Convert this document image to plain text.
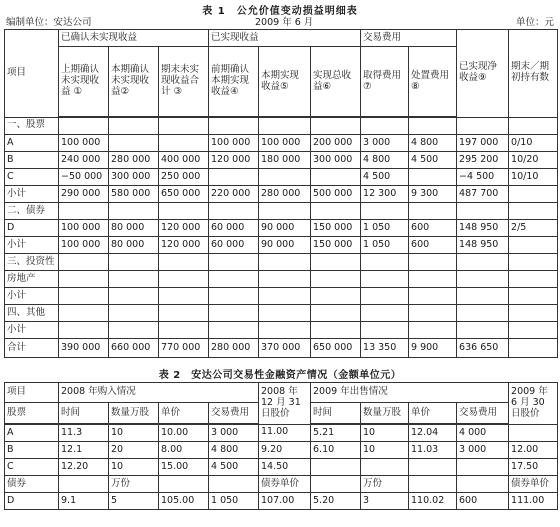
表 1　公允价值变动损益明细表
编制单位：安达公司	2009 年 6 月	单位：元
项目	已确认未实现收益			已实现收益			交易费用		已实现净收益⑨	期末／期初持有数
	上期确认未实现收益 ①	本期确认未实现收益②	期末未实现收益合计 ③	前期确认本期实现收益④	本期实现收益⑤	实现总收益⑥	取得费用⑦	处置费用⑧		
一、股票										
A	100 000			100 000	100 000	200 000	3 000	4 800	197 000	0/10
B	240 000	280 000	400 000	120 000	180 000	300 000	4 800	4 500	295 200	10/20
C	−50 000	300 000	250 000				4 500		−4 500	10/10
小计	290 000	580 000	650 000	220 000	280 000	500 000	12 300	9 300	487 700	
二、债券										
D	100 000	80 000	120 000	60 000	90 000	150 000	1 050	600	148 950	2/5
小计	100 000	80 000	120 000	60 000	90 000	150 000	1 050	600	148 950	
三、投资性										
房地产										
小计										
四、其他										
小计										
合计	390 000	660 000	770 000	280 000	370 000	650 000	13 350	9 900	636 650	
表 2　安达公司交易性金融资产情况（金额单位元）
项目	2008 年购入情况				2008 年 12 月 31 日股价	2009 年出售情况				2009 年 6 月 30 日股价
股票	时间	数量万股	单价	交易费用		时间	数量万股	单价	交易费用	
A	11.3	10	10.00	3 000	11.00	5.21	10	12.04	4 000	
B	12.1	20	8.00	4 800	9.20	6.10	10	11.03	3 000	12.00
C	12.20	10	15.00	4 500	14.50					17.50
债券		万份			债券单价		万份			债券单价
D	9.1	5	105.00	1 050	107.00	5.20	3	110.02	600	111.00
